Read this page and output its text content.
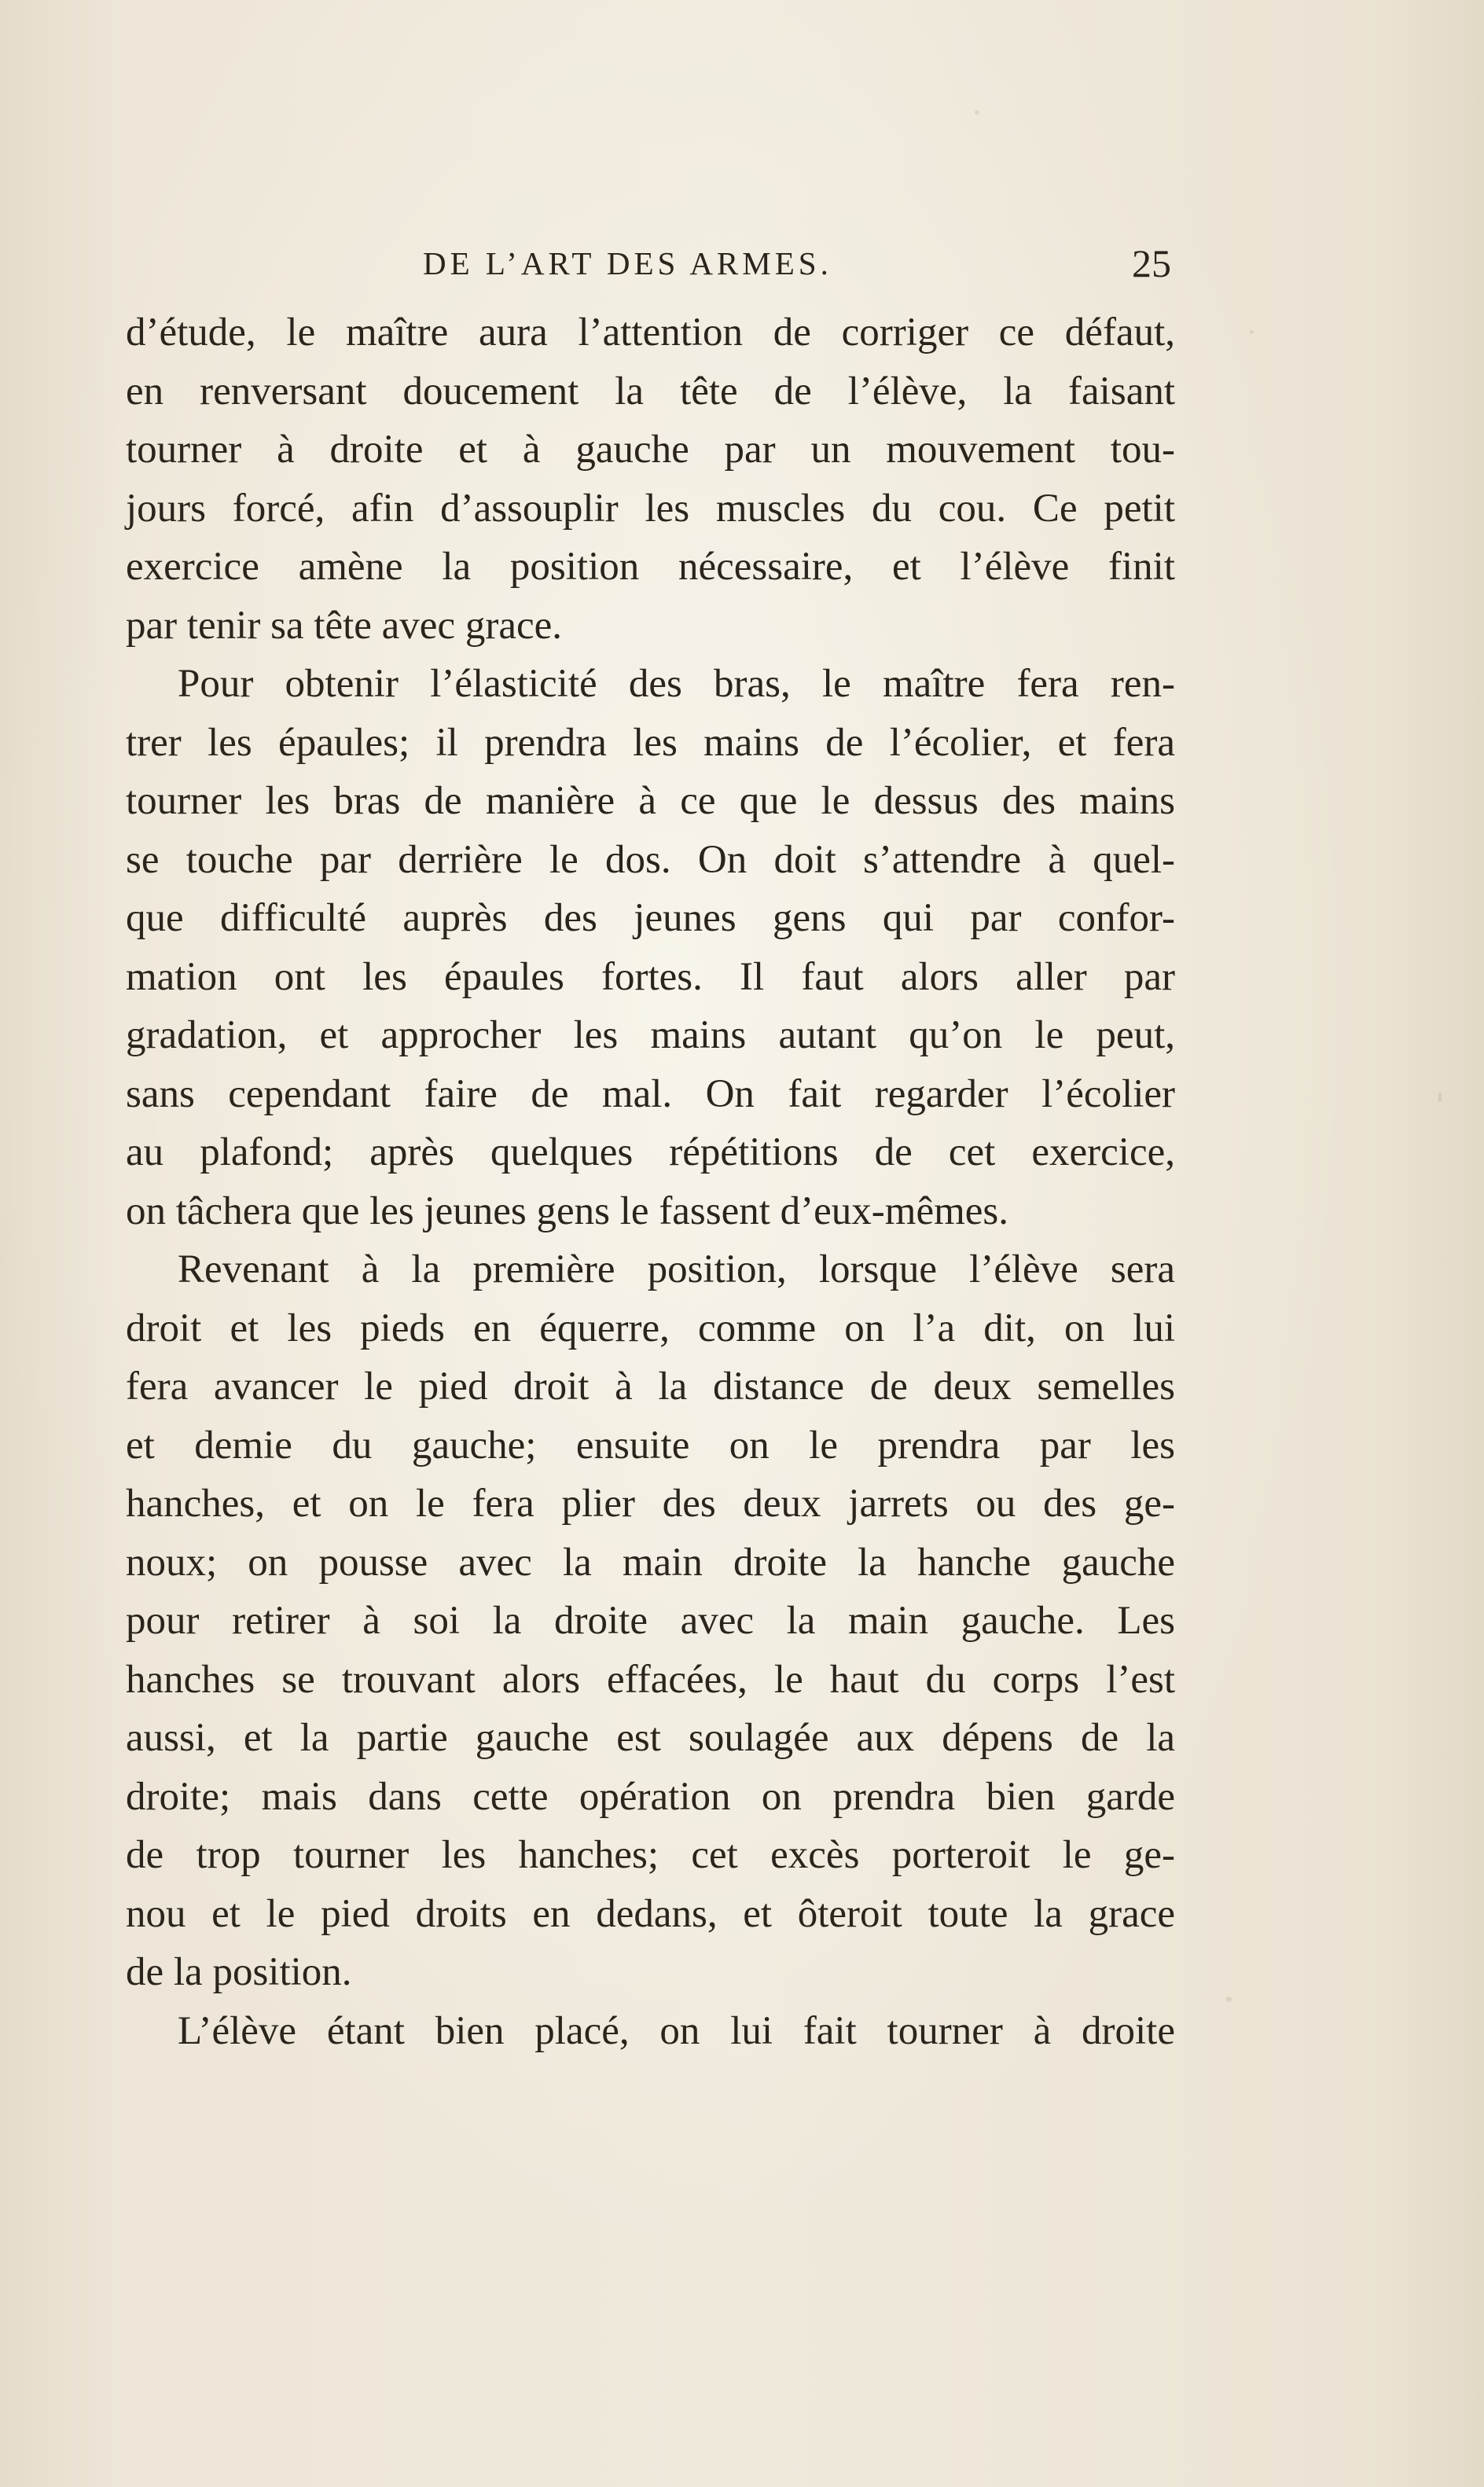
DE L’ART DES ARMES.	25
d’étude, le maître aura l’attention de corriger ce défaut,
en renversant doucement la tête de l’élève, la faisant
tourner à droite et à gauche par un mouvement tou-
jours forcé, afin d’assouplir les muscles du cou. Ce petit
exercice amène la position nécessaire, et l’élève finit
par tenir sa tête avec grace.
Pour obtenir l’élasticité des bras, le maître fera ren-
trer les épaules; il prendra les mains de l’écolier, et fera
tourner les bras de manière à ce que le dessus des mains
se touche par derrière le dos. On doit s’attendre à quel-
que difficulté auprès des jeunes gens qui par confor-
mation ont les épaules fortes. Il faut alors aller par
gradation, et approcher les mains autant qu’on le peut,
sans cependant faire de mal. On fait regarder l’écolier
au plafond; après quelques répétitions de cet exercice,
on tâchera que les jeunes gens le fassent d’eux-mêmes.
Revenant à la première position, lorsque l’élève sera
droit et les pieds en équerre, comme on l’a dit, on lui
fera avancer le pied droit à la distance de deux semelles
et demie du gauche; ensuite on le prendra par les
hanches, et on le fera plier des deux jarrets ou des ge-
noux; on pousse avec la main droite la hanche gauche
pour retirer à soi la droite avec la main gauche. Les
hanches se trouvant alors effacées, le haut du corps l’est
aussi, et la partie gauche est soulagée aux dépens de la
droite; mais dans cette opération on prendra bien garde
de trop tourner les hanches; cet excès porteroit le ge-
nou et le pied droits en dedans, et ôteroit toute la grace
de la position.
L’élève étant bien placé, on lui fait tourner à droite
